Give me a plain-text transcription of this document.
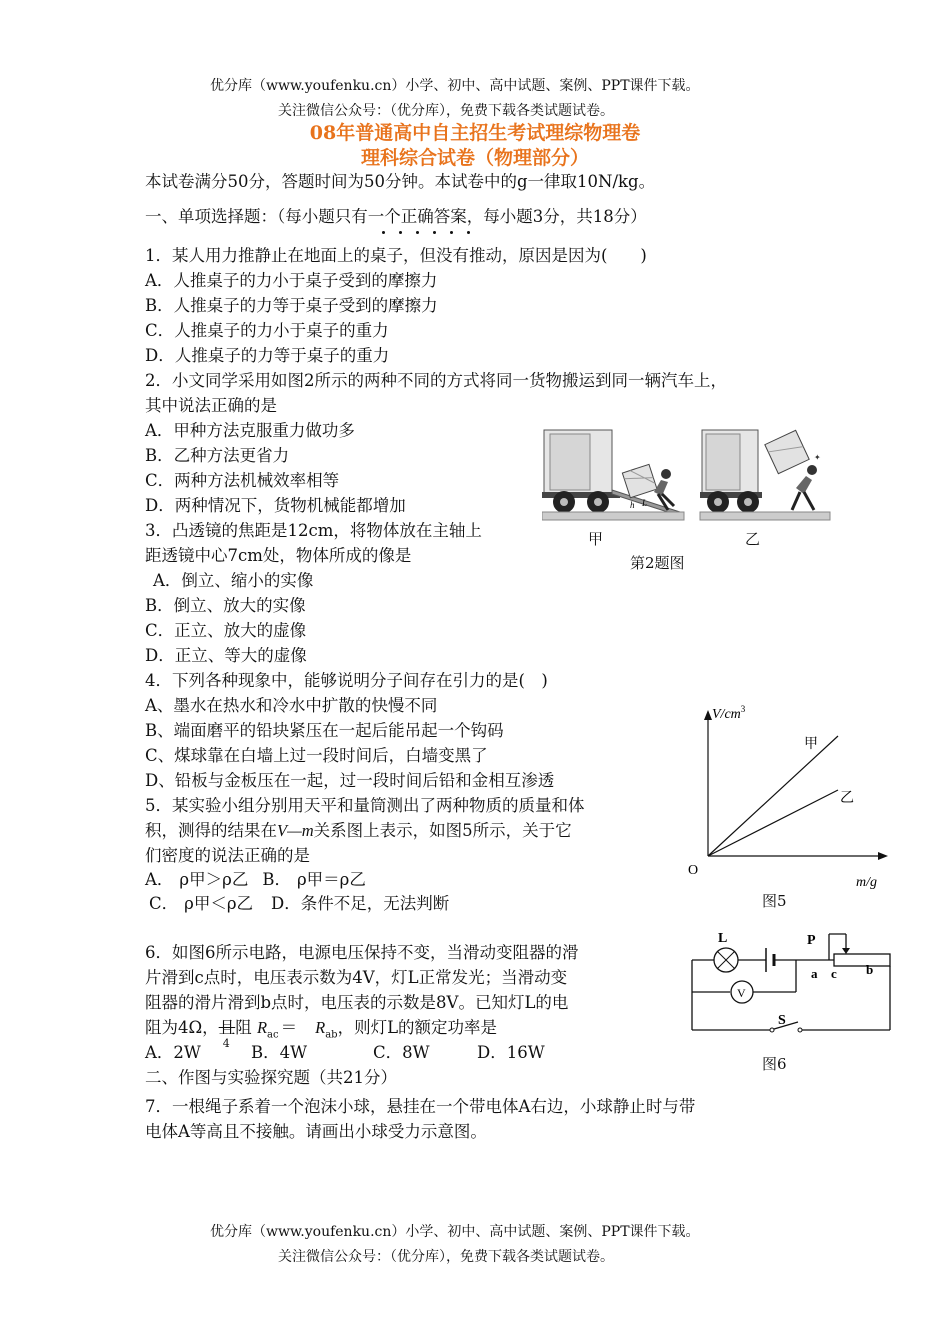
优分库（www.youfenku.cn）小学、初中、高中试题、案例、PPT课件下载。
关注微信公众号：（优分库），免费下载各类试题试卷。
08年普通高中自主招生考试理综物理卷
理科综合试卷（物理部分）
本试卷满分50分，答题时间为50分钟。本试卷中的g一律取10N/kg。
一、单项选择题：（每小题只有一个正确答案，每小题3分，共18分）
1．某人用力推静止在地面上的桌子，但没有推动，原因是因为(　　)
A．人推桌子的力小于桌子受到的摩擦力
B．人推桌子的力等于桌子受到的摩擦力
C．人推桌子的力小于桌子的重力
D．人推桌子的力等于桌子的重力
2．小文同学采用如图2所示的两种不同的方式将同一货物搬运到同一辆汽车上，
其中说法正确的是
A．甲种方法克服重力做功多
B．乙种方法更省力
C．两种方法机械效率相等
D．两种情况下，货物机械能都增加	h L
✦
甲	乙
第2题图
3．凸透镜的焦距是12cm，将物体放在主轴上
距透镜中心7cm处，物体所成的像是
A．倒立、缩小的实像
B．倒立、放大的实像
C．正立、放大的虚像
D．正立、等大的虚像
4．下列各种现象中，能够说明分子间存在引力的是(　)
A、墨水在热水和冷水中扩散的快慢不同
B、端面磨平的铅块紧压在一起后能吊起一个钩码
C、煤球靠在白墙上过一段时间后，白墙变黑了
D、铅板与金板压在一起，过一段时间后铅和金相互渗透
5．某实验小组分别用天平和量筒测出了两种物质的质量和体
积，测得的结果在V—m关系图上表示，如图5所示，关于它
们密度的说法正确的是
A． ρ甲＞ρ乙 B． ρ甲＝ρ乙
C． ρ甲＜ρ乙 D．条件不足，无法判断
$V/cm^3$
O
m/g
甲
乙
图5
6．如图6所示电路，电源电压保持不变，当滑动变阻器的滑
片滑到c点时，电压表示数为4V，灯L正常发光；当滑动变
阻器的滑片滑到b点时，电压表的示数是8V。已知灯L的电
阻为4Ω，且
4
阻 $R_{ac} = R_{ab}$，则灯L的额定功率是
A．2W	B．4W	C．8W	D．16W
V
L	P
a c b
S
图6
二、作图与实验探究题（共21分）
7．一根绳子系着一个泡沫小球，悬挂在一个带电体A右边，小球静止时与带
电体A等高且不接触。请画出小球受力示意图。
优分库（www.youfenku.cn）小学、初中、高中试题、案例、PPT课件下载。
关注微信公众号：（优分库），免费下载各类试题试卷。
